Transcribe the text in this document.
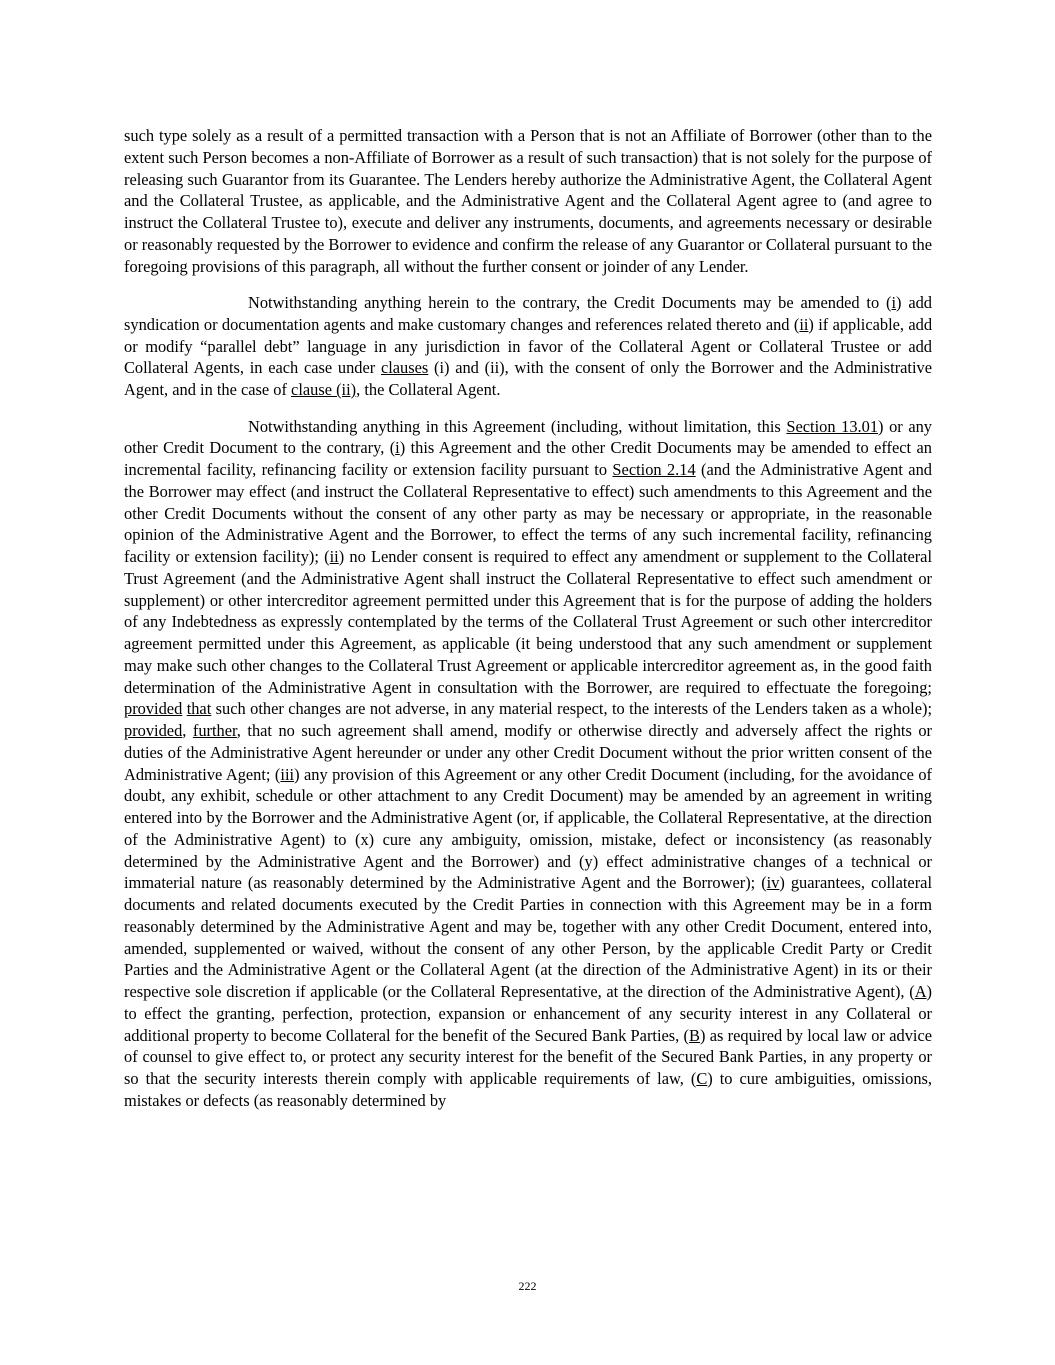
such type solely as a result of a permitted transaction with a Person that is not an Affiliate of Borrower (other than to the extent such Person becomes a non-Affiliate of Borrower as a result of such transaction) that is not solely for the purpose of releasing such Guarantor from its Guarantee. The Lenders hereby authorize the Administrative Agent, the Collateral Agent and the Collateral Trustee, as applicable, and the Administrative Agent and the Collateral Agent agree to (and agree to instruct the Collateral Trustee to), execute and deliver any instruments, documents, and agreements necessary or desirable or reasonably requested by the Borrower to evidence and confirm the release of any Guarantor or Collateral pursuant to the foregoing provisions of this paragraph, all without the further consent or joinder of any Lender.

Notwithstanding anything herein to the contrary, the Credit Documents may be amended to (i) add syndication or documentation agents and make customary changes and references related thereto and (ii) if applicable, add or modify “parallel debt” language in any jurisdiction in favor of the Collateral Agent or Collateral Trustee or add Collateral Agents, in each case under clauses (i) and (ii), with the consent of only the Borrower and the Administrative Agent, and in the case of clause (ii), the Collateral Agent.

Notwithstanding anything in this Agreement (including, without limitation, this Section 13.01) or any other Credit Document to the contrary, (i) this Agreement and the other Credit Documents may be amended to effect an incremental facility, refinancing facility or extension facility pursuant to Section 2.14 (and the Administrative Agent and the Borrower may effect (and instruct the Collateral Representative to effect) such amendments to this Agreement and the other Credit Documents without the consent of any other party as may be necessary or appropriate, in the reasonable opinion of the Administrative Agent and the Borrower, to effect the terms of any such incremental facility, refinancing facility or extension facility); (ii) no Lender consent is required to effect any amendment or supplement to the Collateral Trust Agreement (and the Administrative Agent shall instruct the Collateral Representative to effect such amendment or supplement) or other intercreditor agreement permitted under this Agreement that is for the purpose of adding the holders of any Indebtedness as expressly contemplated by the terms of the Collateral Trust Agreement or such other intercreditor agreement permitted under this Agreement, as applicable (it being understood that any such amendment or supplement may make such other changes to the Collateral Trust Agreement or applicable intercreditor agreement as, in the good faith determination of the Administrative Agent in consultation with the Borrower, are required to effectuate the foregoing; provided that such other changes are not adverse, in any material respect, to the interests of the Lenders taken as a whole); provided, further, that no such agreement shall amend, modify or otherwise directly and adversely affect the rights or duties of the Administrative Agent hereunder or under any other Credit Document without the prior written consent of the Administrative Agent; (iii) any provision of this Agreement or any other Credit Document (including, for the avoidance of doubt, any exhibit, schedule or other attachment to any Credit Document) may be amended by an agreement in writing entered into by the Borrower and the Administrative Agent (or, if applicable, the Collateral Representative, at the direction of the Administrative Agent) to (x) cure any ambiguity, omission, mistake, defect or inconsistency (as reasonably determined by the Administrative Agent and the Borrower) and (y) effect administrative changes of a technical or immaterial nature (as reasonably determined by the Administrative Agent and the Borrower); (iv) guarantees, collateral documents and related documents executed by the Credit Parties in connection with this Agreement may be in a form reasonably determined by the Administrative Agent and may be, together with any other Credit Document, entered into, amended, supplemented or waived, without the consent of any other Person, by the applicable Credit Party or Credit Parties and the Administrative Agent or the Collateral Agent (at the direction of the Administrative Agent) in its or their respective sole discretion if applicable (or the Collateral Representative, at the direction of the Administrative Agent), (A) to effect the granting, perfection, protection, expansion or enhancement of any security interest in any Collateral or additional property to become Collateral for the benefit of the Secured Bank Parties, (B) as required by local law or advice of counsel to give effect to, or protect any security interest for the benefit of the Secured Bank Parties, in any property or so that the security interests therein comply with applicable requirements of law, (C) to cure ambiguities, omissions, mistakes or defects (as reasonably determined by

222
